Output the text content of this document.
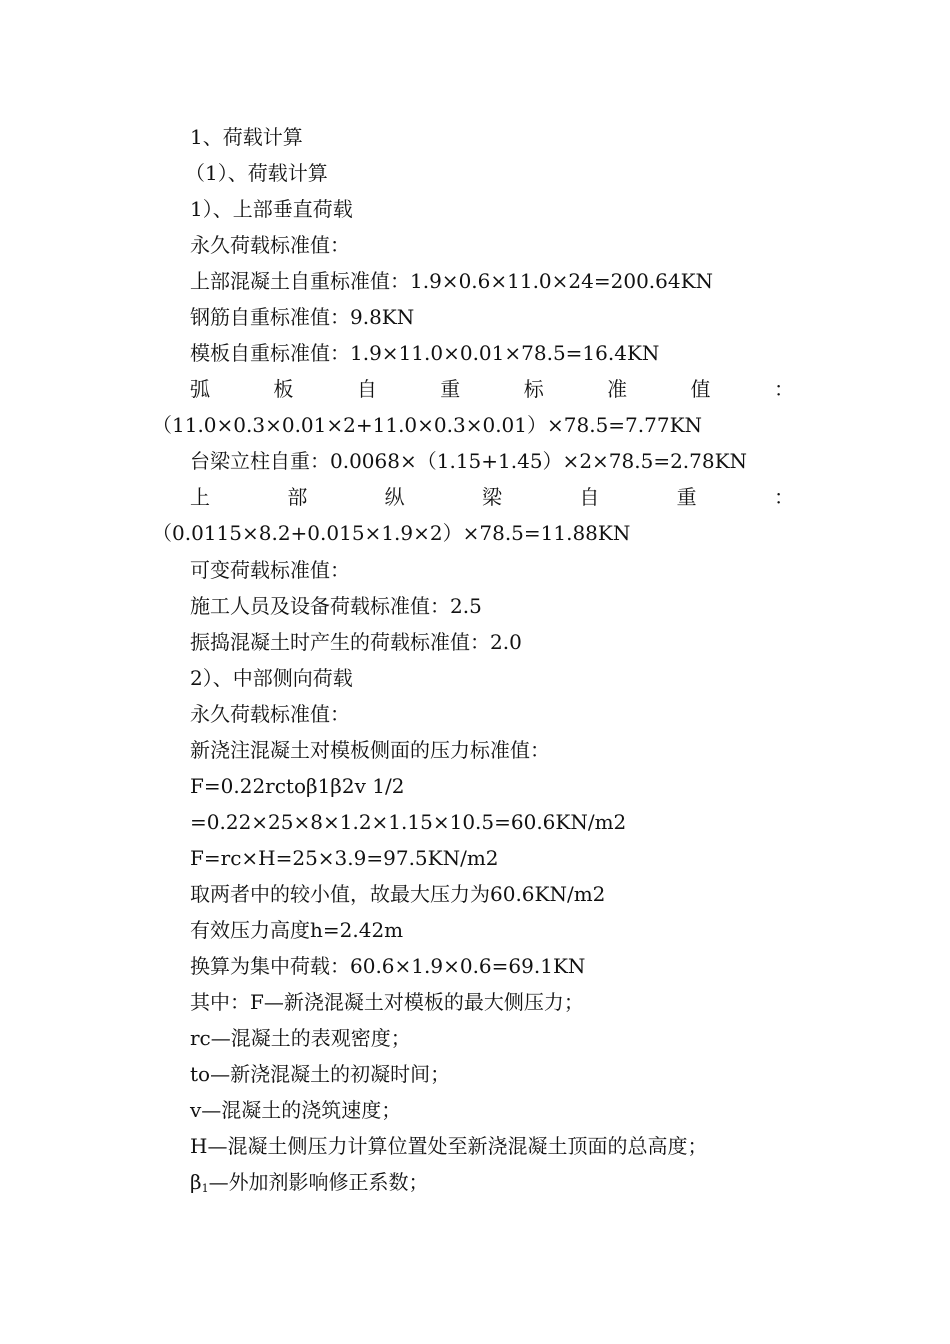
1、荷载计算
（1）、荷载计算
1）、上部垂直荷载
永久荷载标准值：
上部混凝土自重标准值：1.9×0.6×11.0×24=200.64KN
钢筋自重标准值：9.8KN
模板自重标准值：1.9×11.0×0.01×78.5=16.4KN
弧	板	自	重	标	准	值	：
（11.0×0.3×0.01×2+11.0×0.3×0.01）×78.5=7.77KN
台梁立柱自重：0.0068×（1.15+1.45）×2×78.5=2.78KN
上	部	纵	梁	自	重	：
（0.0115×8.2+0.015×1.9×2）×78.5=11.88KN
可变荷载标准值：
施工人员及设备荷载标准值：2.5
振捣混凝土时产生的荷载标准值：2.0
2）、中部侧向荷载
永久荷载标准值：
新浇注混凝土对模板侧面的压力标准值：
F=0.22rctoβ1β2v 1/2
=0.22×25×8×1.2×1.15×10.5=60.6KN/m2
F=rc×H=25×3.9=97.5KN/m2
取两者中的较小值，故最大压力为60.6KN/m2
有效压力高度h=2.42m
换算为集中荷载：60.6×1.9×0.6=69.1KN
其中：F—新浇混凝土对模板的最大侧压力；
rc—混凝土的表观密度；
to—新浇混凝土的初凝时间；
v—混凝土的浇筑速度；
H—混凝土侧压力计算位置处至新浇混凝土顶面的总高度；
$\beta_1—$外加剂影响修正系数；
